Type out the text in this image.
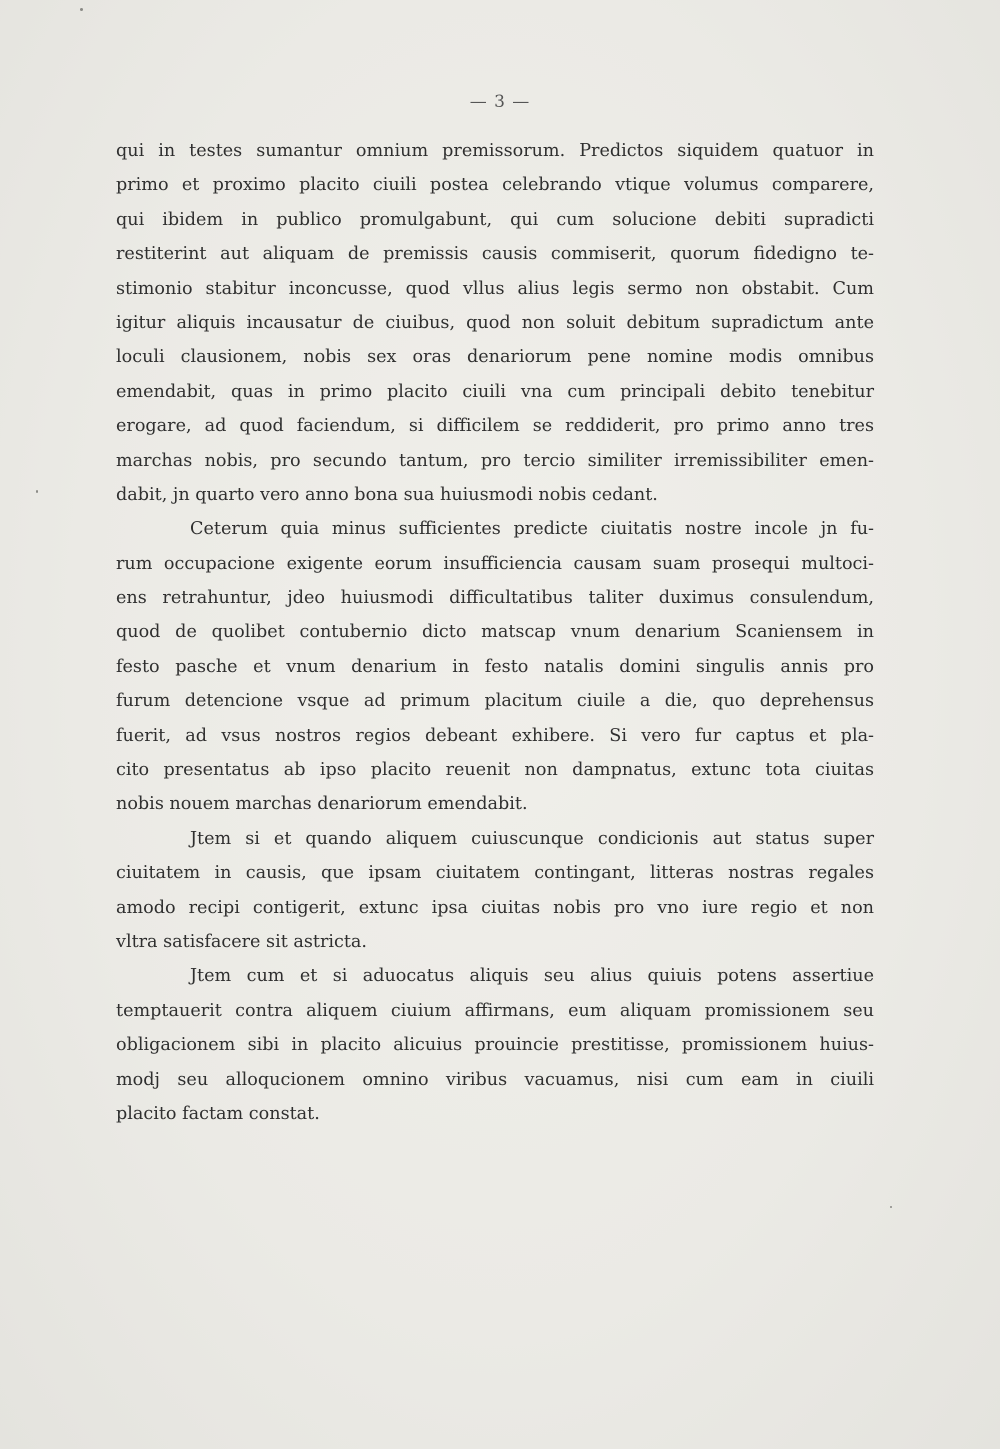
— 3 —
qui in testes sumantur omnium premissorum. Predictos siquidem quatuor in
primo et proximo placito ciuili postea celebrando vtique volumus comparere,
qui ibidem in publico promulgabunt, qui cum solucione debiti supradicti
restiterint aut aliquam de premissis causis commiserit, quorum fidedigno te-
stimonio stabitur inconcusse, quod vllus alius legis sermo non obstabit. Cum
igitur aliquis incausatur de ciuibus, quod non soluit debitum supradictum ante
loculi clausionem, nobis sex oras denariorum pene nomine modis omnibus
emendabit, quas in primo placito ciuili vna cum principali debito tenebitur
erogare, ad quod faciendum, si difficilem se reddiderit, pro primo anno tres
marchas nobis, pro secundo tantum, pro tercio similiter irremissibiliter emen-
dabit, jn quarto vero anno bona sua huiusmodi nobis cedant.
Ceterum quia minus sufficientes predicte ciuitatis nostre incole jn fu-
rum occupacione exigente eorum insufficiencia causam suam prosequi multoci-
ens retrahuntur, jdeo huiusmodi difficultatibus taliter duximus consulendum,
quod de quolibet contubernio dicto matscap vnum denarium Scaniensem in
festo pasche et vnum denarium in festo natalis domini singulis annis pro
furum detencione vsque ad primum placitum ciuile a die, quo deprehensus
fuerit, ad vsus nostros regios debeant exhibere. Si vero fur captus et pla-
cito presentatus ab ipso placito reuenit non dampnatus, extunc tota ciuitas
nobis nouem marchas denariorum emendabit.
Jtem si et quando aliquem cuiuscunque condicionis aut status super
ciuitatem in causis, que ipsam ciuitatem contingant, litteras nostras regales
amodo recipi contigerit, extunc ipsa ciuitas nobis pro vno iure regio et non
vltra satisfacere sit astricta.
Jtem cum et si aduocatus aliquis seu alius quiuis potens assertiue
temptauerit contra aliquem ciuium affirmans, eum aliquam promissionem seu
obligacionem sibi in placito alicuius prouincie prestitisse, promissionem huius-
modj seu alloqucionem omnino viribus vacuamus, nisi cum eam in ciuili
placito factam constat.
